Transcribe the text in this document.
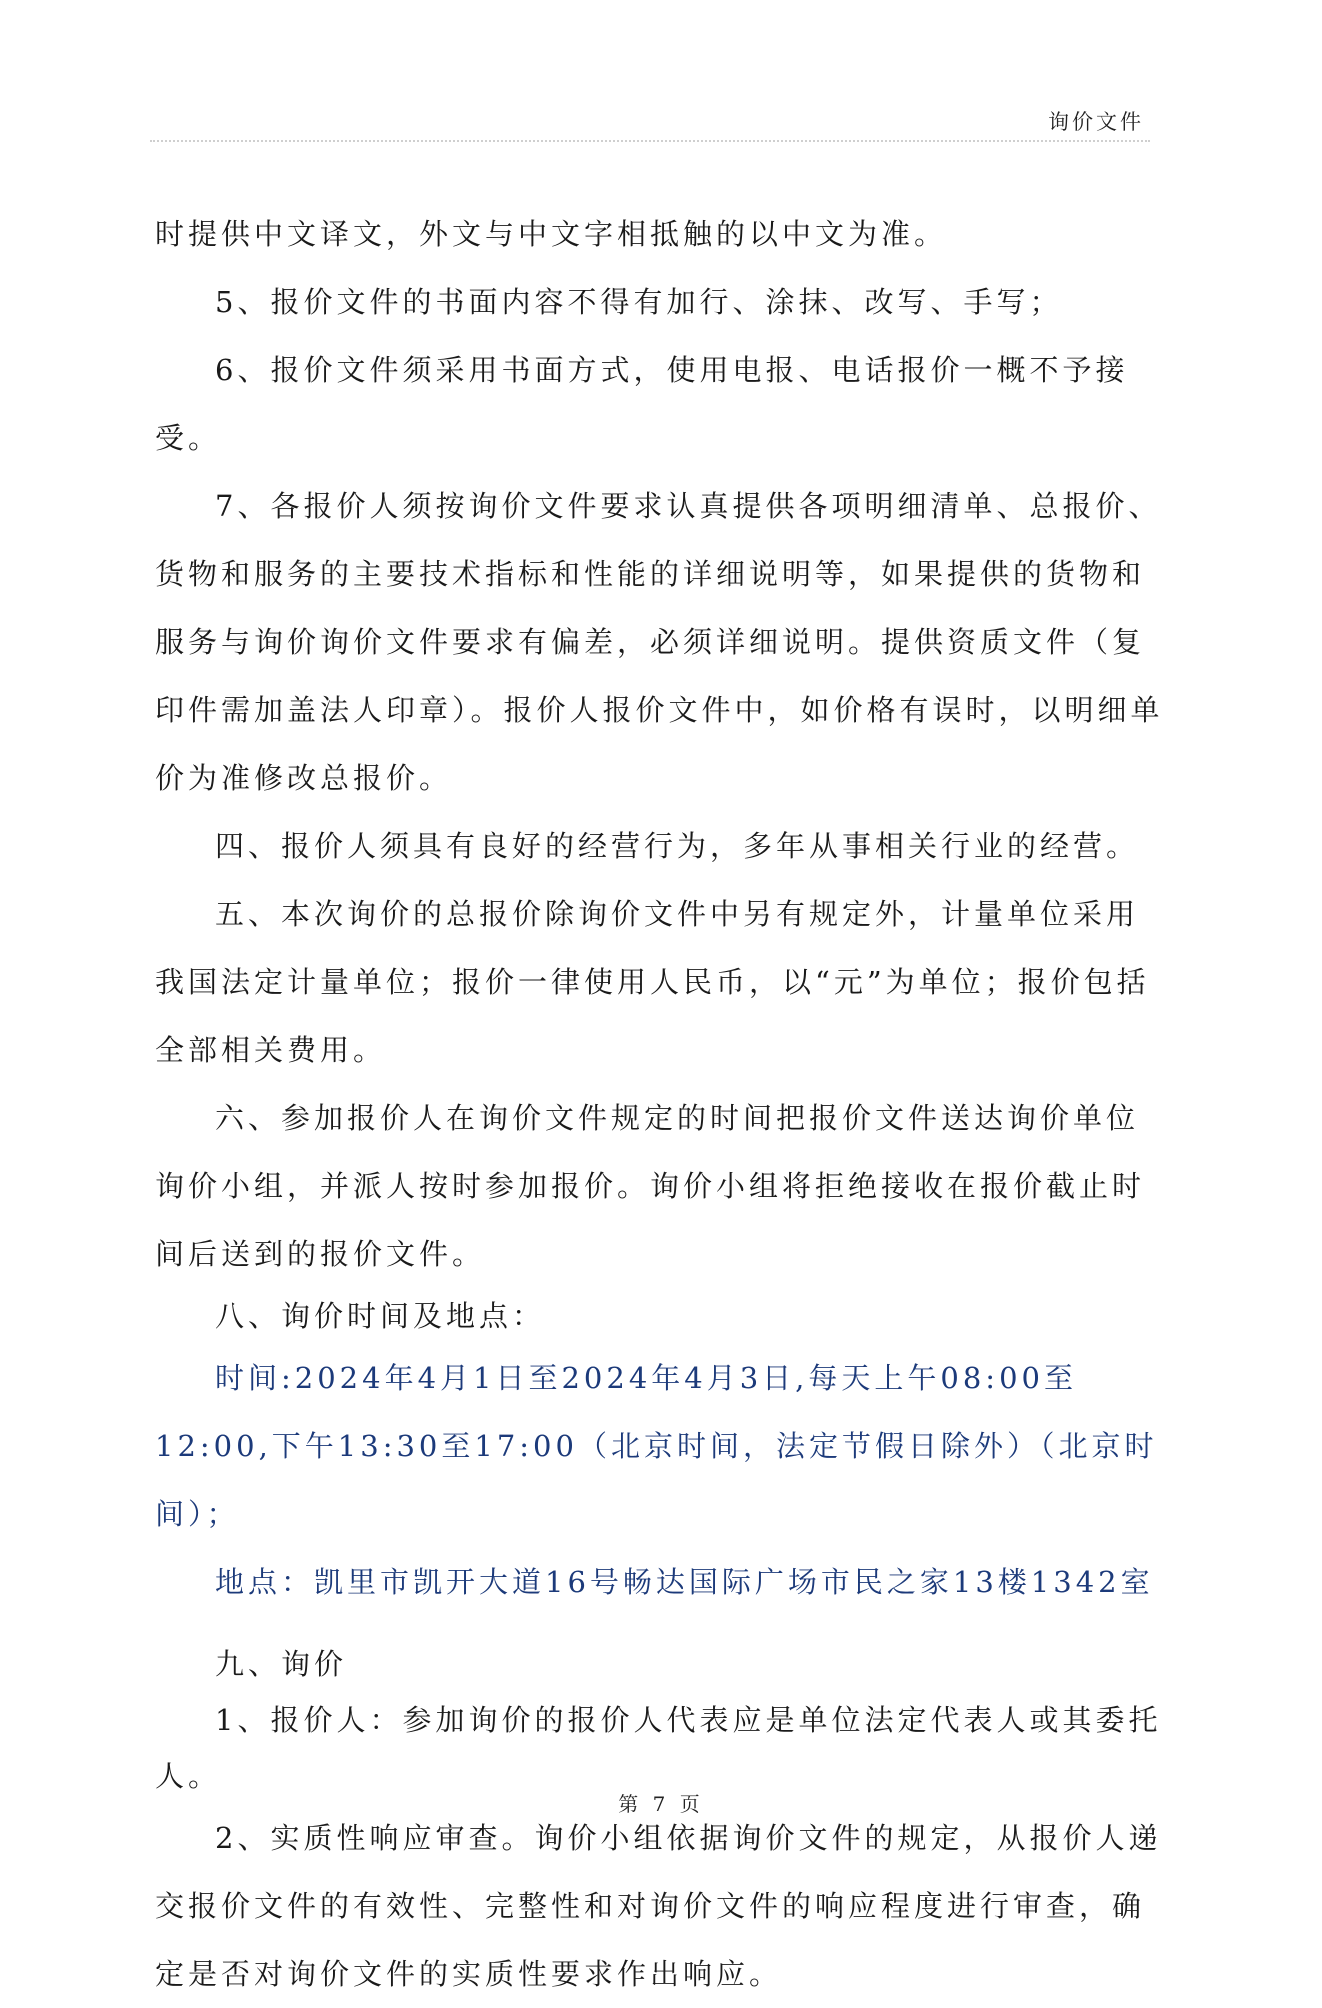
询价文件

时提供中文译文，外文与中文字相抵触的以中文为准。

5、报价文件的书面内容不得有加行、涂抹、改写、手写；

6、报价文件须采用书面方式，使用电报、电话报价一概不予接受。

7、各报价人须按询价文件要求认真提供各项明细清单、总报价、货物和服务的主要技术指标和性能的详细说明等，如果提供的货物和服务与询价询价文件要求有偏差，必须详细说明。提供资质文件（复印件需加盖法人印章）。报价人报价文件中，如价格有误时，以明细单价为准修改总报价。

四、报价人须具有良好的经营行为，多年从事相关行业的经营。

五、本次询价的总报价除询价文件中另有规定外，计量单位采用我国法定计量单位；报价一律使用人民币，以“元”为单位；报价包括全部相关费用。

六、参加报价人在询价文件规定的时间把报价文件送达询价单位询价小组，并派人按时参加报价。询价小组将拒绝接收在报价截止时间后送到的报价文件。

八、询价时间及地点：

时间:2024年4月1日至2024年4月3日,每天上午08:00至12:00,下午13:30至17:00（北京时间，法定节假日除外）（北京时间）；

地点：凯里市凯开大道16号畅达国际广场市民之家13楼1342室

九、询价

1、报价人：参加询价的报价人代表应是单位法定代表人或其委托人。

2、实质性响应审查。询价小组依据询价文件的规定，从报价人递交报价文件的有效性、完整性和对询价文件的响应程度进行审查，确定是否对询价文件的实质性要求作出响应。

第 7 页
